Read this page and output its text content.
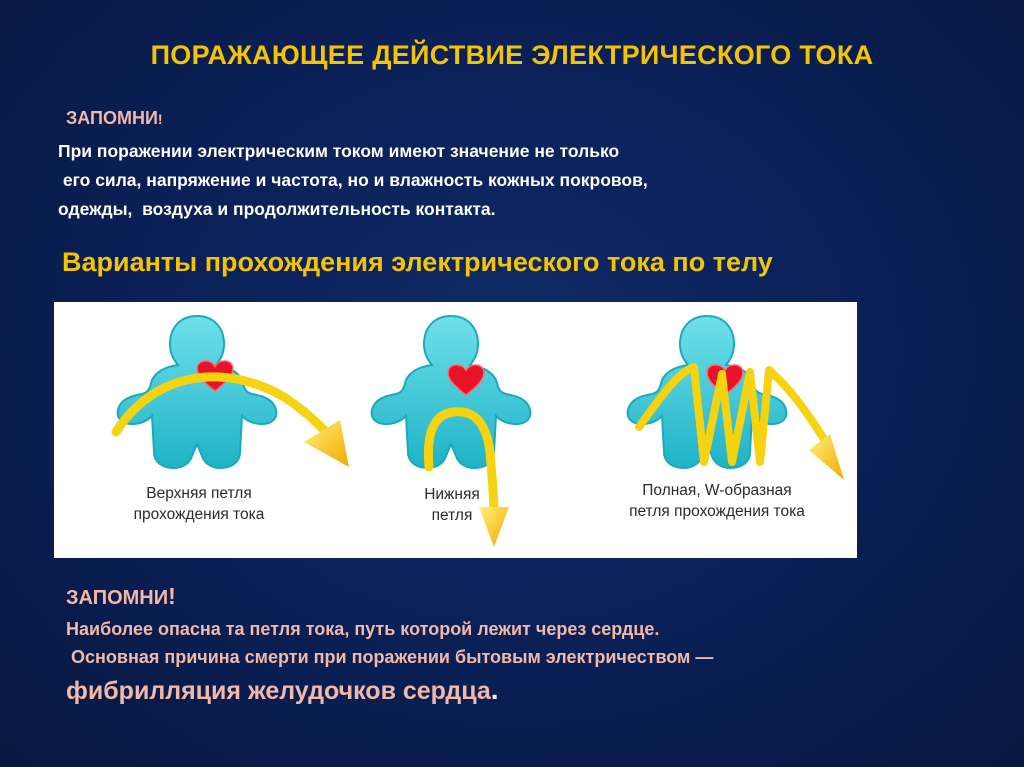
ПОРАЖАЮЩЕЕ ДЕЙСТВИЕ ЭЛЕКТРИЧЕСКОГО ТОКА
ЗАПОМНИ!
При поражении электрическим током имеют значение не только
его сила, напряжение и частота, но и влажность кожных покровов,
одежды,  воздуха и продолжительность контакта.
Варианты прохождения электрического тока по телу
Верхняя петля
прохождения тока
Нижняя
петля
Полная, W-образная
петля прохождения тока
ЗАПОМНИ!
Наиболее опасна та петля тока, путь которой лежит через сердце.
Основная причина смерти при поражении бытовым электричеством —
фибрилляция желудочков сердца.
